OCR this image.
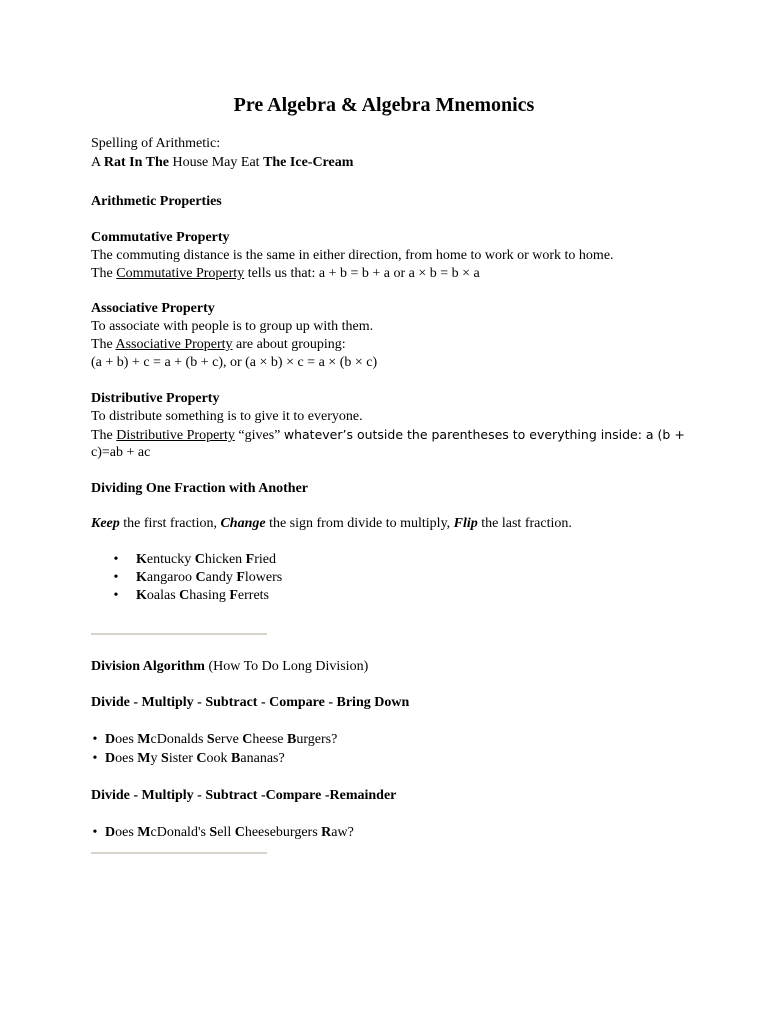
Pre Algebra & Algebra Mnemonics
Spelling of Arithmetic:
A Rat In The House May Eat The Ice-Cream
Arithmetic Properties
Commutative Property
The commuting distance is the same in either direction, from home to work or work to home.
The Commutative Property tells us that: a + b = b + a or a × b = b × a
Associative Property
To associate with people is to group up with them.
The Associative Property are about grouping:
(a + b) + c = a + (b + c), or (a × b) × c = a × (b × c)
Distributive Property
To distribute something is to give it to everyone.
The Distributive Property “gives” whatever’s outside the parentheses to everything inside: a (b +
c)=ab + ac
Dividing One Fraction with Another
Keep the first fraction, Change the sign from divide to multiply, Flip the last fraction.
• Kentucky Chicken Fried
• Kangaroo Candy Flowers
• Koalas Chasing Ferrets
Division Algorithm (How To Do Long Division)
Divide - Multiply - Subtract - Compare - Bring Down
• Does McDonalds Serve Cheese Burgers?
• Does My Sister Cook Bananas?
Divide - Multiply - Subtract -Compare -Remainder
• Does McDonald's Sell Cheeseburgers Raw?
